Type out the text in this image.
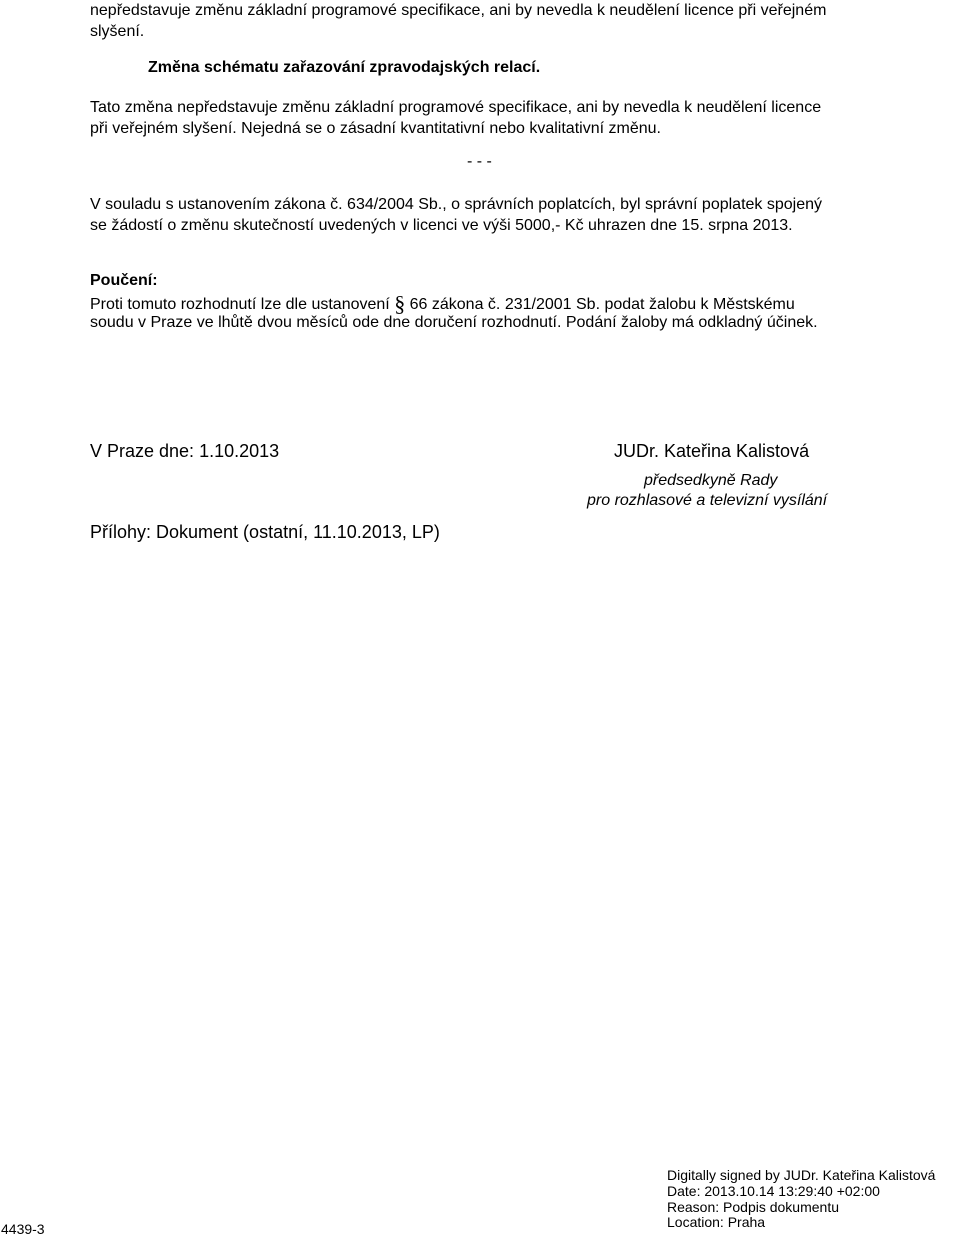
nepředstavuje změnu základní programové specifikace, ani by nevedla k neudělení licence při veřejném
slyšení.
Změna schématu zařazování zpravodajských relací.
Tato změna nepředstavuje změnu základní programové specifikace, ani by nevedla k neudělení licence
při veřejném slyšení. Nejedná se o zásadní kvantitativní nebo kvalitativní změnu.
- - -
V souladu s ustanovením zákona č. 634/2004 Sb., o správních poplatcích, byl správní poplatek spojený
se žádostí o změnu skutečností uvedených v licenci ve výši 5000,- Kč uhrazen dne 15. srpna 2013.
Poučení:
Proti tomuto rozhodnutí lze dle ustanovení § 66 zákona č. 231/2001 Sb. podat žalobu k Městskému
soudu v Praze ve lhůtě dvou měsíců ode dne doručení rozhodnutí. Podání žaloby má odkladný účinek.
V Praze dne: 1.10.2013
Přílohy: Dokument (ostatní, 11.10.2013, LP)
JUDr. Kateřina Kalistová
předsedkyně Rady
pro rozhlasové a televizní vysílání
4439-3
Digitally signed by JUDr. Kateřina Kalistová
Date: 2013.10.14 13:29:40 +02:00
Reason: Podpis dokumentu
Location: Praha
